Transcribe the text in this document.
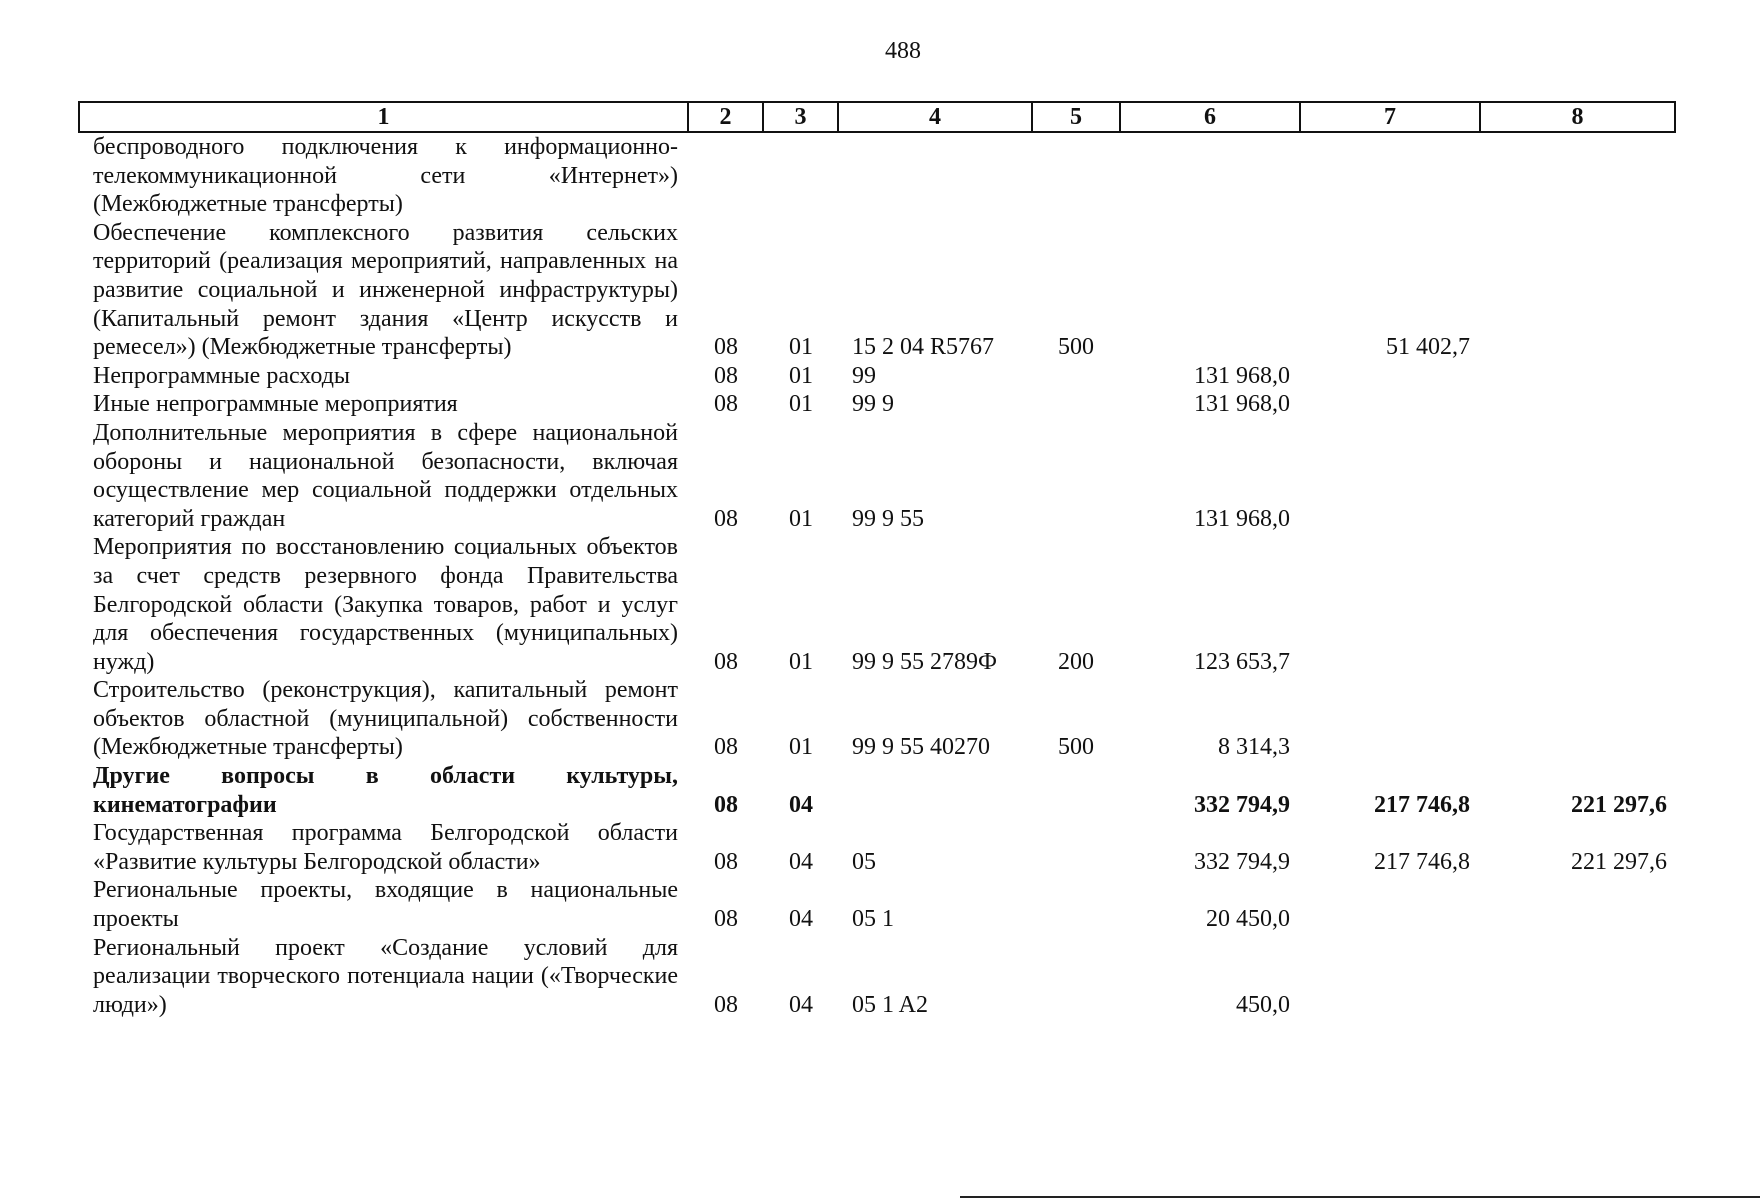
488
1	2	3	4	5	6	7	8
беспроводного подключения к информационно-телекоммуникационной сети «Интернет»)(Межбюджетные трансферты)							
Обеспечение комплексного развития сельских территорий (реализация мероприятий, направленных на развитие социальной и инженерной инфраструктуры) (Капитальный ремонт здания «Центр искусств и ремесел») (Межбюджетные трансферты)	08	01	15 2 04 R5767	500		51 402,7	
Непрограммные расходы	08	01	99		131 968,0		
Иные непрограммные мероприятия	08	01	99 9		131 968,0		
Дополнительные мероприятия в сфере национальной обороны и национальной безопасности, включая осуществление мер социальной поддержки отдельных категорий граждан	08	01	99 9 55		131 968,0		
Мероприятия по восстановлению социальных объектов за счет средств резервного фонда Правительства Белгородской области (Закупка товаров, работ и услуг для обеспечения государственных (муниципальных) нужд)	08	01	99 9 55 2789Ф	200	123 653,7		
Строительство (реконструкция), капитальный ремонт объектов областной (муниципальной) собственности (Межбюджетные трансферты)	08	01	99 9 55 40270	500	8 314,3		
Другие вопросы в области культуры, кинематографии	08	04			332 794,9	217 746,8	221 297,6
Государственная программа Белгородской области «Развитие культуры Белгородской области»	08	04	05		332 794,9	217 746,8	221 297,6
Региональные проекты, входящие в национальные проекты	08	04	05 1		20 450,0		
Региональный проект «Создание условий для реализации творческого потенциала нации («Творческие люди»)	08	04	05 1 A2		450,0		
